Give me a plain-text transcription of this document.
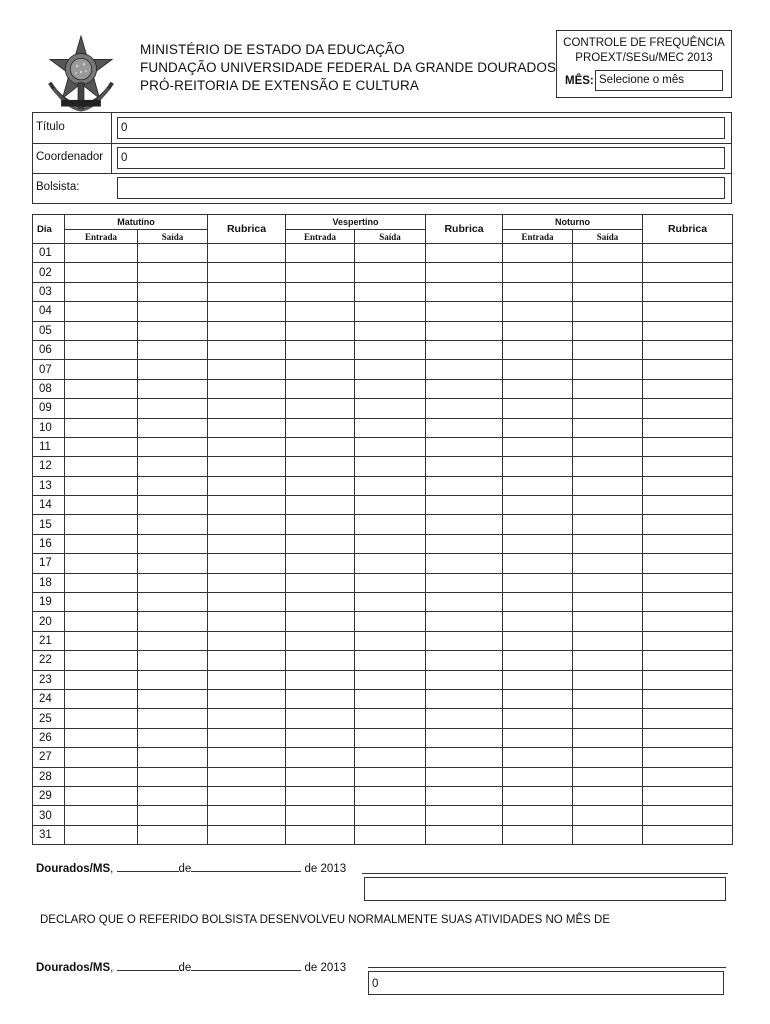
MINISTÉRIO DE ESTADO DA EDUCAÇÃO
FUNDAÇÃO UNIVERSIDADE FEDERAL DA GRANDE DOURADOS
PRÓ-REITORIA DE EXTENSÃO E CULTURA
CONTROLE DE FREQUÊNCIA
PROEXT/SESu/MEC 2013
MÊS: Selecione o mês
Título	0
Coordenador	0
Bolsista:
Dia	Matutino		Rubrica	Vespertino		Rubrica	Noturno		Rubrica
	Entrada	Saída		Entrada	Saída		Entrada	Saída	
01									
02									
03									
04									
05									
06									
07									
08									
09									
10									
11									
12									
13									
14									
15									
16									
17									
18									
19									
20									
21									
22									
23									
24									
25									
26									
27									
28									
29									
30									
31									
Dourados/MS,	de	de 2013
DECLARO QUE O REFERIDO BOLSISTA DESENVOLVEU NORMALMENTE SUAS ATIVIDADES NO MÊS DE
Dourados/MS,	de	de 2013
0
